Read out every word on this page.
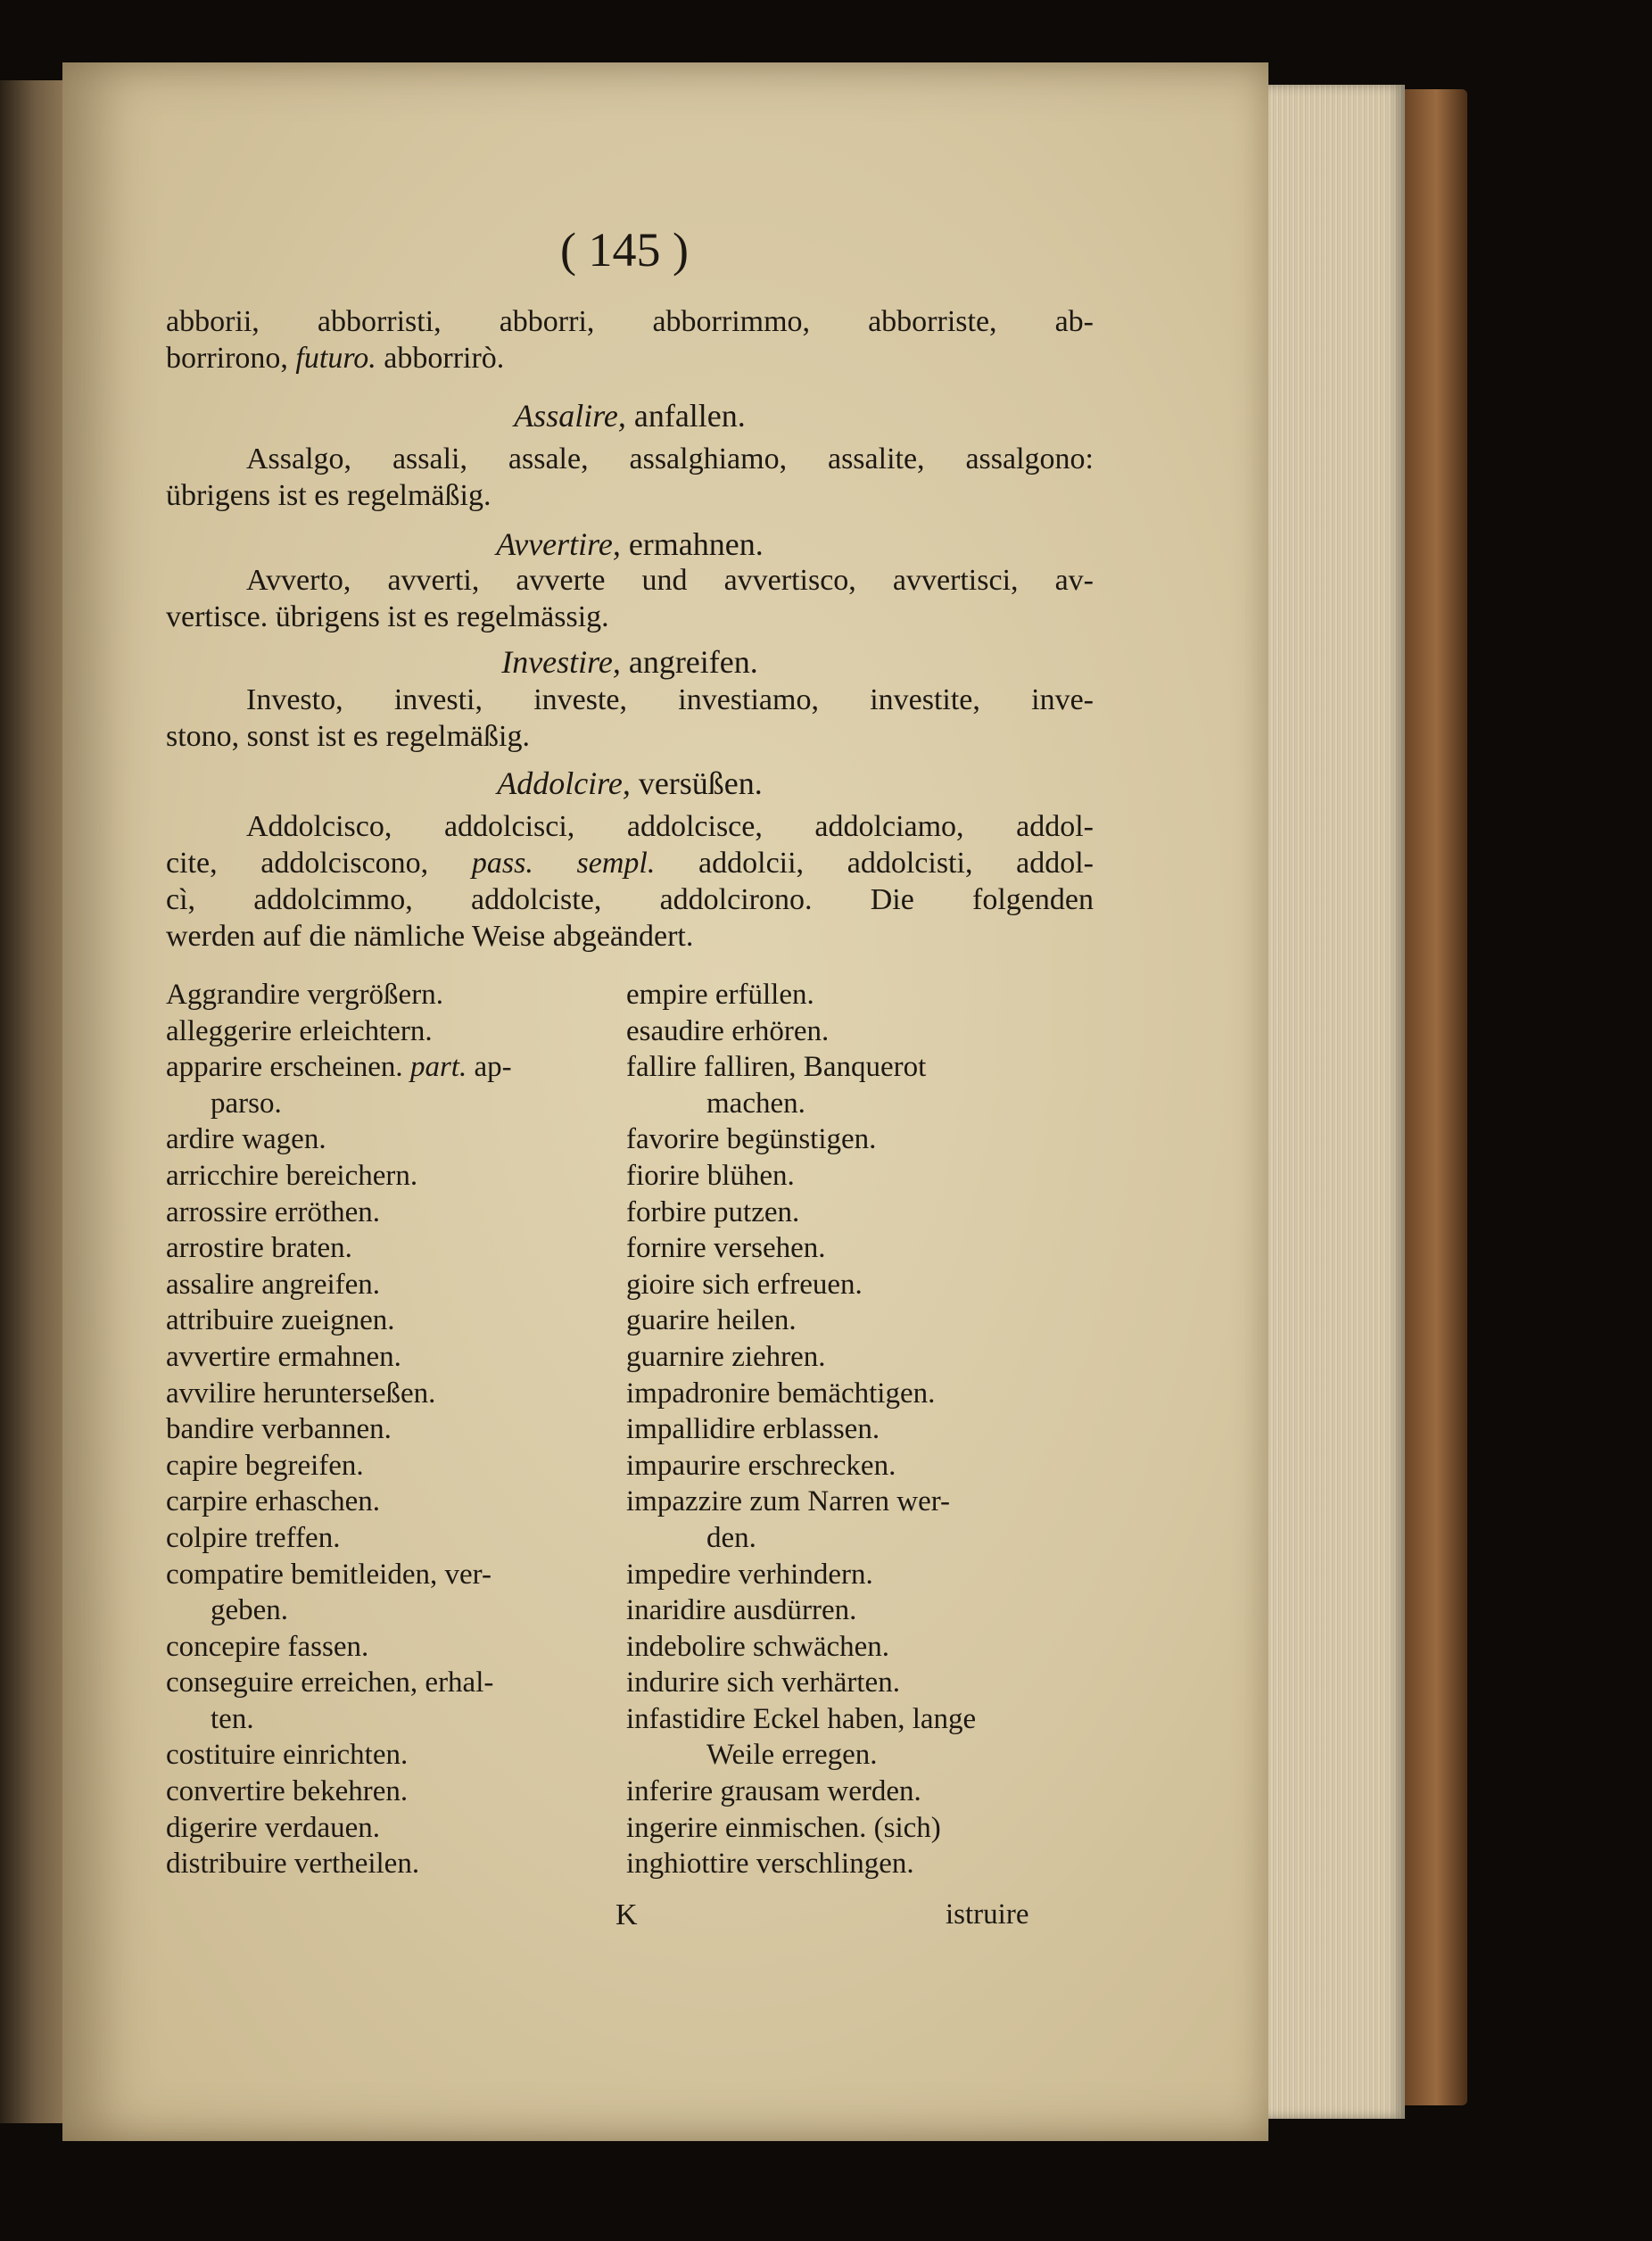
( 145 )
abborii, abborristi, abborri, abborrimmo, abborriste, ab-
borrirono, futuro. abborrirò.
Assalire, anfallen.
Assalgo, assali, assale, assalghiamo, assalite, assalgono:
übrigens ist es regelmäßig.
Avvertire, ermahnen.
Avverto, avverti, avverte und avvertisco, avvertisci, av-
vertisce. übrigens ist es regelmässig.
Investire, angreifen.
Investo, investi, investe, investiamo, investite, inve-
stono, sonst ist es regelmäßig.
Addolcire, versüßen.
Addolcisco, addolcisci, addolcisce, addolciamo, addol-
cite, addolciscono, pass. sempl. addolcii, addolcisti, addol-
cì, addolcimmo, addolciste, addolcirono. Die folgenden
werden auf die nämliche Weise abgeändert.
Aggrandire vergrößern.
alleggerire erleichtern.
apparire erscheinen. part. ap-
parso.
ardire wagen.
arricchire bereichern.
arrossire erröthen.
arrostire braten.
assalire angreifen.
attribuire zueignen.
avvertire ermahnen.
avvilire herunterseßen.
bandire verbannen.
capire begreifen.
carpire erhaschen.
colpire treffen.
compatire bemitleiden, ver-
geben.
concepire fassen.
conseguire erreichen, erhal-
ten.
costituire einrichten.
convertire bekehren.
digerire verdauen.
distribuire vertheilen.
empire erfüllen.
esaudire erhören.
fallire falliren, Banquerot
machen.
favorire begünstigen.
fiorire blühen.
forbire putzen.
fornire versehen.
gioire sich erfreuen.
guarire heilen.
guarnire ziehren.
impadronire bemächtigen.
impallidire erblassen.
impaurire erschrecken.
impazzire zum Narren wer-
den.
impedire verhindern.
inaridire ausdürren.
indebolire schwächen.
indurire sich verhärten.
infastidire Eckel haben, lange
Weile erregen.
inferire grausam werden.
ingerire einmischen. (sich)
inghiottire verschlingen.
K	istruire
